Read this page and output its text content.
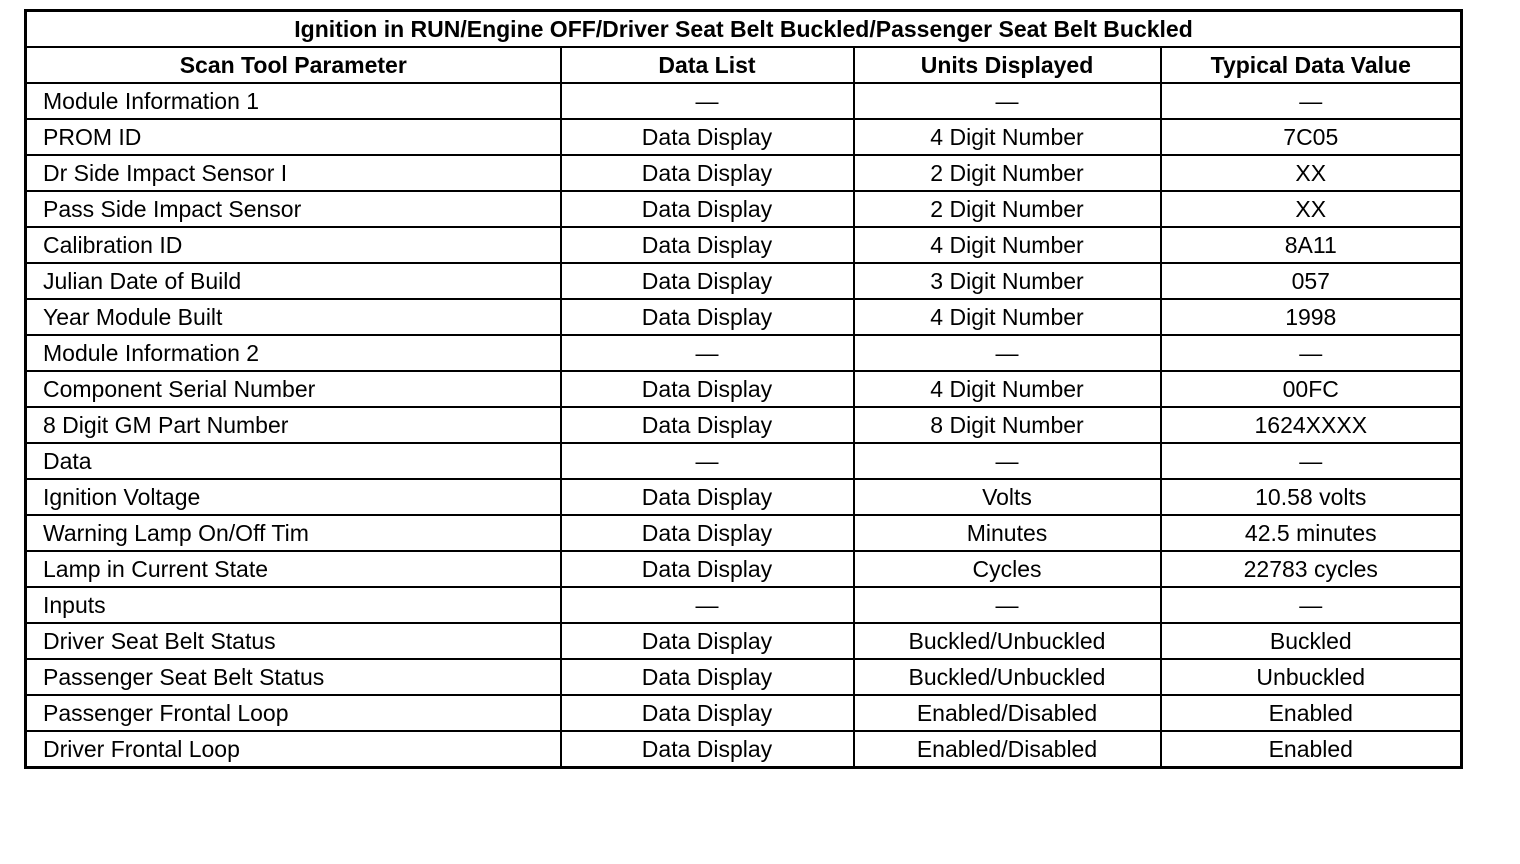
Ignition in RUN/Engine OFF/Driver Seat Belt Buckled/Passenger Seat Belt Buckled			
Scan Tool Parameter	Data List	Units Displayed	Typical Data Value
Module Information 1	—	—	—
PROM ID	Data Display	4 Digit Number	7C05
Dr Side Impact Sensor I	Data Display	2 Digit Number	XX
Pass Side Impact Sensor	Data Display	2 Digit Number	XX
Calibration ID	Data Display	4 Digit Number	8A11
Julian Date of Build	Data Display	3 Digit Number	057
Year Module Built	Data Display	4 Digit Number	1998
Module Information 2	—	—	—
Component Serial Number	Data Display	4 Digit Number	00FC
8 Digit GM Part Number	Data Display	8 Digit Number	1624XXXX
Data	—	—	—
Ignition Voltage	Data Display	Volts	10.58 volts
Warning Lamp On/Off Tim	Data Display	Minutes	42.5 minutes
Lamp in Current State	Data Display	Cycles	22783 cycles
Inputs	—	—	—
Driver Seat Belt Status	Data Display	Buckled/Unbuckled	Buckled
Passenger Seat Belt Status	Data Display	Buckled/Unbuckled	Unbuckled
Passenger Frontal Loop	Data Display	Enabled/Disabled	Enabled
Driver Frontal Loop	Data Display	Enabled/Disabled	Enabled
